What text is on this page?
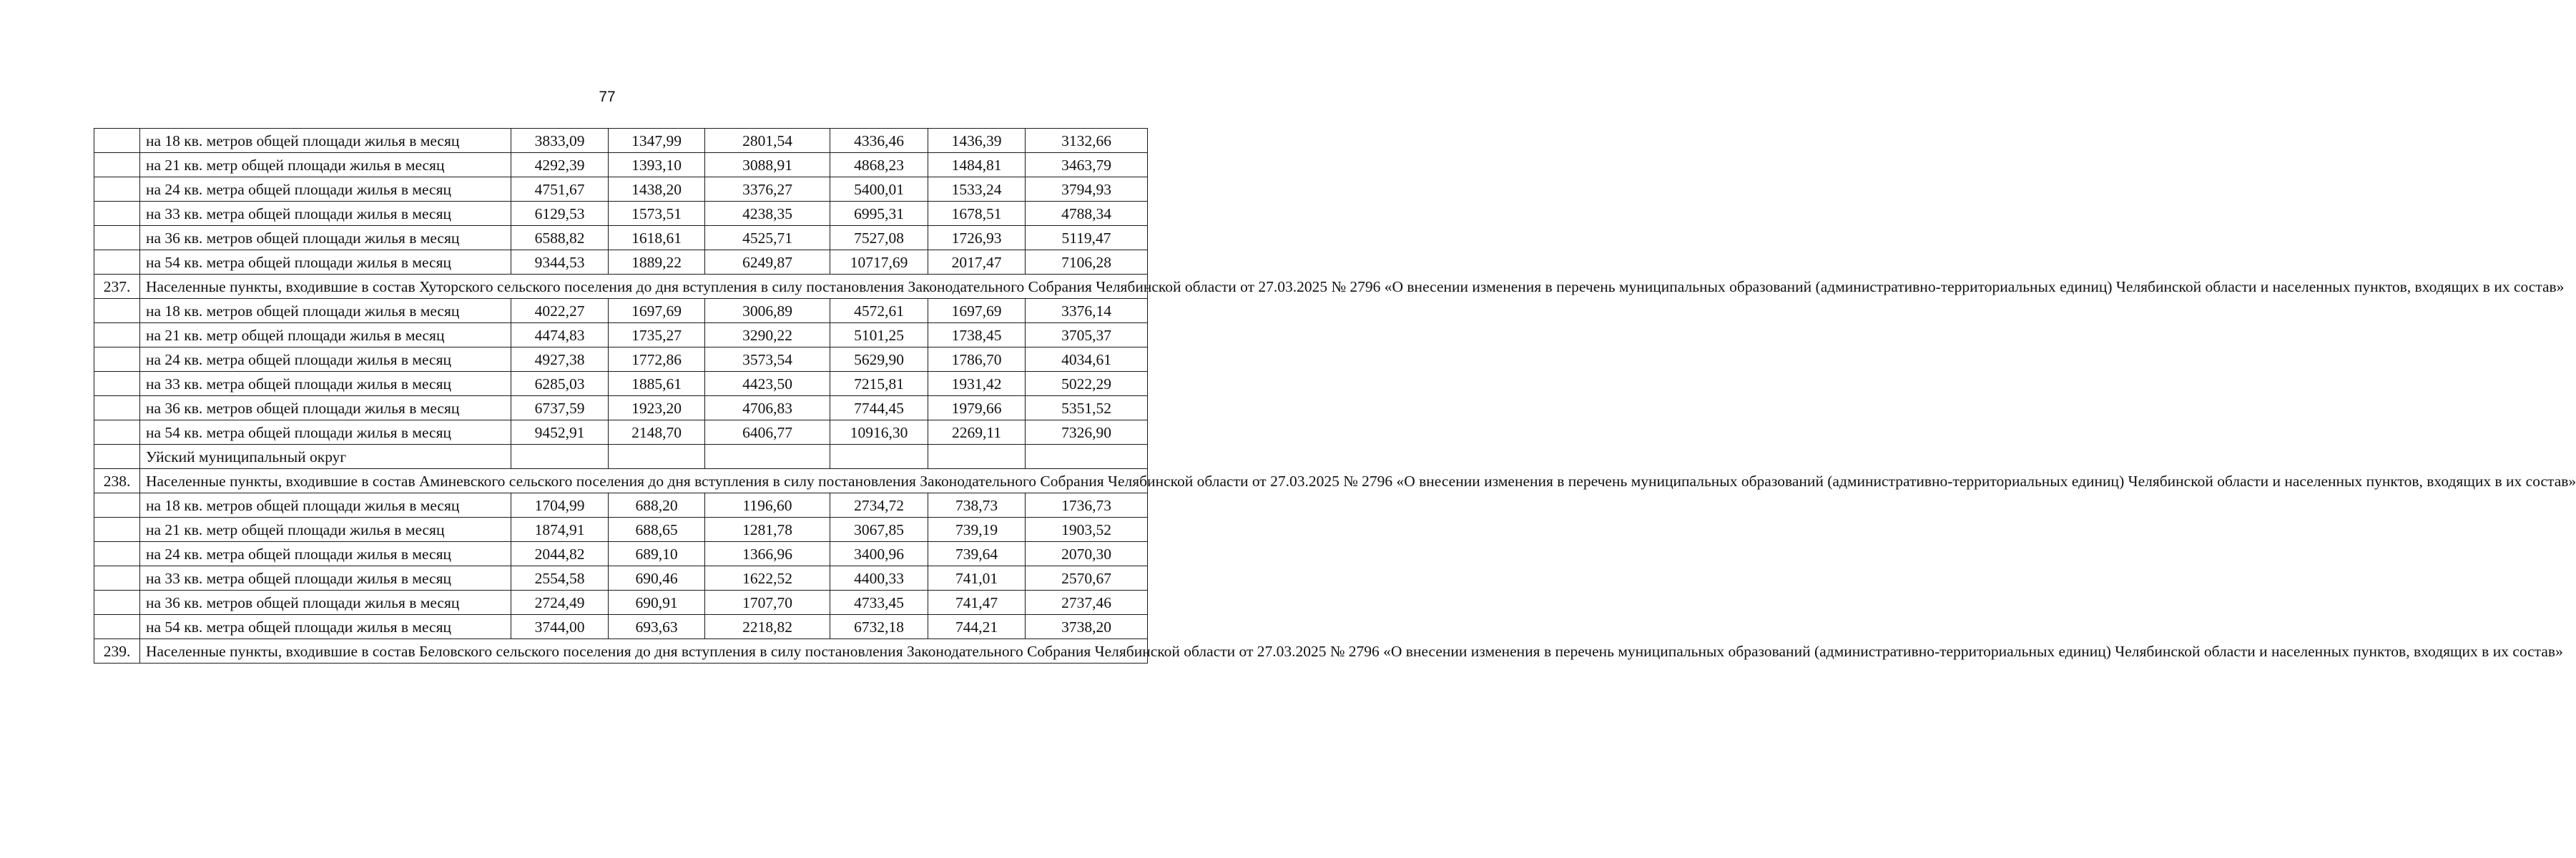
77
	на 18 кв. метров общей площади жилья в месяц	3833,09	1347,99	2801,54	4336,46	1436,39	3132,66
	на 21 кв. метр общей площади жилья в месяц	4292,39	1393,10	3088,91	4868,23	1484,81	3463,79
	на 24 кв. метра общей площади жилья в месяц	4751,67	1438,20	3376,27	5400,01	1533,24	3794,93
	на 33 кв. метра общей площади жилья в месяц	6129,53	1573,51	4238,35	6995,31	1678,51	4788,34
	на 36 кв. метров общей площади жилья в месяц	6588,82	1618,61	4525,71	7527,08	1726,93	5119,47
	на 54 кв. метра общей площади жилья в месяц	9344,53	1889,22	6249,87	10717,69	2017,47	7106,28
237.	Населенные пункты, входившие в состав Хуторского сельского поселения до дня вступления в силу постановления Законодательного Собрания Челябинской области от 27.03.2025 № 2796 «О внесении изменения в перечень муниципальных образований (административно-территориальных единиц) Челябинской области и населенных пунктов, входящих в их состав»						
	на 18 кв. метров общей площади жилья в месяц	4022,27	1697,69	3006,89	4572,61	1697,69	3376,14
	на 21 кв. метр общей площади жилья в месяц	4474,83	1735,27	3290,22	5101,25	1738,45	3705,37
	на 24 кв. метра общей площади жилья в месяц	4927,38	1772,86	3573,54	5629,90	1786,70	4034,61
	на 33 кв. метра общей площади жилья в месяц	6285,03	1885,61	4423,50	7215,81	1931,42	5022,29
	на 36 кв. метров общей площади жилья в месяц	6737,59	1923,20	4706,83	7744,45	1979,66	5351,52
	на 54 кв. метра общей площади жилья в месяц	9452,91	2148,70	6406,77	10916,30	2269,11	7326,90
	Уйский муниципальный округ						
238.	Населенные пункты, входившие в состав Аминевского сельского поселения до дня вступления в силу постановления Законодательного Собрания Челябинской области от 27.03.2025 № 2796 «О внесении изменения в перечень муниципальных образований (административно-территориальных единиц) Челябинской области и населенных пунктов, входящих в их состав»						
	на 18 кв. метров общей площади жилья в месяц	1704,99	688,20	1196,60	2734,72	738,73	1736,73
	на 21 кв. метр общей площади жилья в месяц	1874,91	688,65	1281,78	3067,85	739,19	1903,52
	на 24 кв. метра общей площади жилья в месяц	2044,82	689,10	1366,96	3400,96	739,64	2070,30
	на 33 кв. метра общей площади жилья в месяц	2554,58	690,46	1622,52	4400,33	741,01	2570,67
	на 36 кв. метров общей площади жилья в месяц	2724,49	690,91	1707,70	4733,45	741,47	2737,46
	на 54 кв. метра общей площади жилья в месяц	3744,00	693,63	2218,82	6732,18	744,21	3738,20
239.	Населенные пункты, входившие в состав Беловского сельского поселения до дня вступления в силу постановления Законодательного Собрания Челябинской области от 27.03.2025 № 2796 «О внесении изменения в перечень муниципальных образований (административно-территориальных единиц) Челябинской области и населенных пунктов, входящих в их состав»						
